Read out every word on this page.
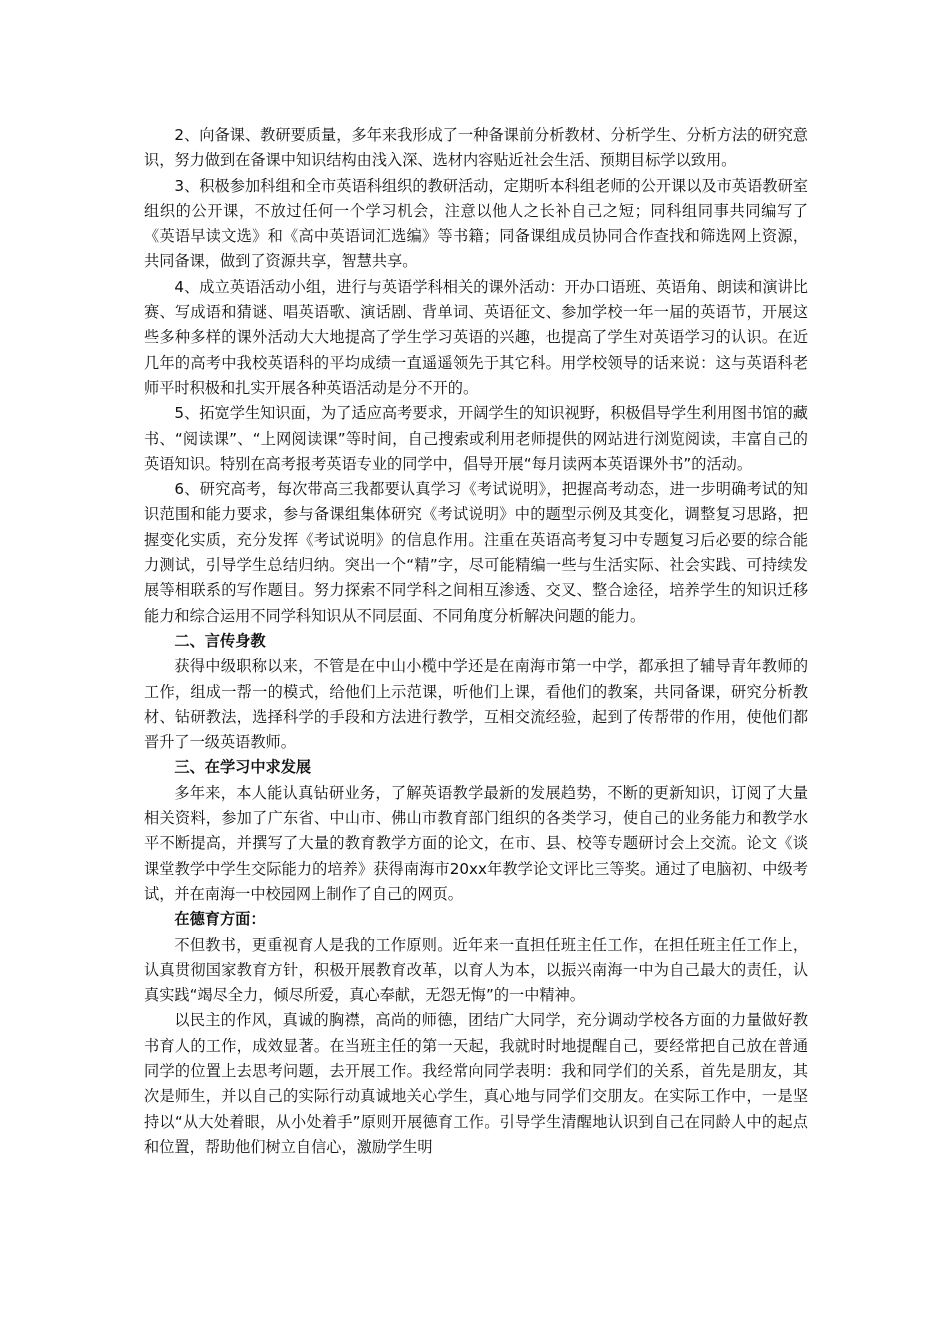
2、向备课、教研要质量，多年来我形成了一种备课前分析教材、分析学生、分析方法的研究意识，努力做到在备课中知识结构由浅入深、选材内容贴近社会生活、预期目标学以致用。

3、积极参加科组和全市英语科组织的教研活动，定期听本科组老师的公开课以及市英语教研室组织的公开课，不放过任何一个学习机会，注意以他人之长补自己之短；同科组同事共同编写了《英语早读文选》和《高中英语词汇选编》等书籍；同备课组成员协同合作查找和筛选网上资源，共同备课，做到了资源共享，智慧共享。

4、成立英语活动小组，进行与英语学科相关的课外活动：开办口语班、英语角、朗读和演讲比赛、写成语和猜谜、唱英语歌、演话剧、背单词、英语征文、参加学校一年一届的英语节，开展这些多种多样的课外活动大大地提高了学生学习英语的兴趣，也提高了学生对英语学习的认识。在近几年的高考中我校英语科的平均成绩一直遥遥领先于其它科。用学校领导的话来说：这与英语科老师平时积极和扎实开展各种英语活动是分不开的。

5、拓宽学生知识面，为了适应高考要求，开阔学生的知识视野，积极倡导学生利用图书馆的藏书、“阅读课”、“上网阅读课”等时间，自己搜索或利用老师提供的网站进行浏览阅读，丰富自己的英语知识。特别在高考报考英语专业的同学中，倡导开展“每月读两本英语课外书”的活动。

6、研究高考，每次带高三我都要认真学习《考试说明》，把握高考动态，进一步明确考试的知识范围和能力要求，参与备课组集体研究《考试说明》中的题型示例及其变化，调整复习思路，把握变化实质，充分发挥《考试说明》的信息作用。注重在英语高考复习中专题复习后必要的综合能力测试，引导学生总结归纳。突出一个“精”字，尽可能精编一些与生活实际、社会实践、可持续发展等相联系的写作题目。努力探索不同学科之间相互渗透、交叉、整合途径，培养学生的知识迁移能力和综合运用不同学科知识从不同层面、不同角度分析解决问题的能力。

二、言传身教

获得中级职称以来，不管是在中山小榄中学还是在南海市第一中学，都承担了辅导青年教师的工作，组成一帮一的模式，给他们上示范课，听他们上课，看他们的教案，共同备课，研究分析教材、钻研教法，选择科学的手段和方法进行教学，互相交流经验，起到了传帮带的作用，使他们都晋升了一级英语教师。

三、在学习中求发展

多年来，本人能认真钻研业务，了解英语教学最新的发展趋势，不断的更新知识，订阅了大量相关资料，参加了广东省、中山市、佛山市教育部门组织的各类学习，使自己的业务能力和教学水平不断提高，并撰写了大量的教育教学方面的论文，在市、县、校等专题研讨会上交流。论文《谈课堂教学中学生交际能力的培养》获得南海市20xx年教学论文评比三等奖。通过了电脑初、中级考试，并在南海一中校园网上制作了自己的网页。

在德育方面：

不但教书，更重视育人是我的工作原则。近年来一直担任班主任工作，在担任班主任工作上，认真贯彻国家教育方针，积极开展教育改革，以育人为本，以振兴南海一中为自己最大的责任，认真实践“竭尽全力，倾尽所爱，真心奉献，无怨无悔”的一中精神。

以民主的作风，真诚的胸襟，高尚的师德，团结广大同学，充分调动学校各方面的力量做好教书育人的工作，成效显著。在当班主任的第一天起，我就时时地提醒自己，要经常把自己放在普通同学的位置上去思考问题，去开展工作。我经常向同学表明：我和同学们的关系，首先是朋友，其次是师生，并以自己的实际行动真诚地关心学生，真心地与同学们交朋友。在实际工作中，一是坚持以“从大处着眼，从小处着手”原则开展德育工作。引导学生清醒地认识到自己在同龄人中的起点和位置，帮助他们树立自信心，激励学生明
